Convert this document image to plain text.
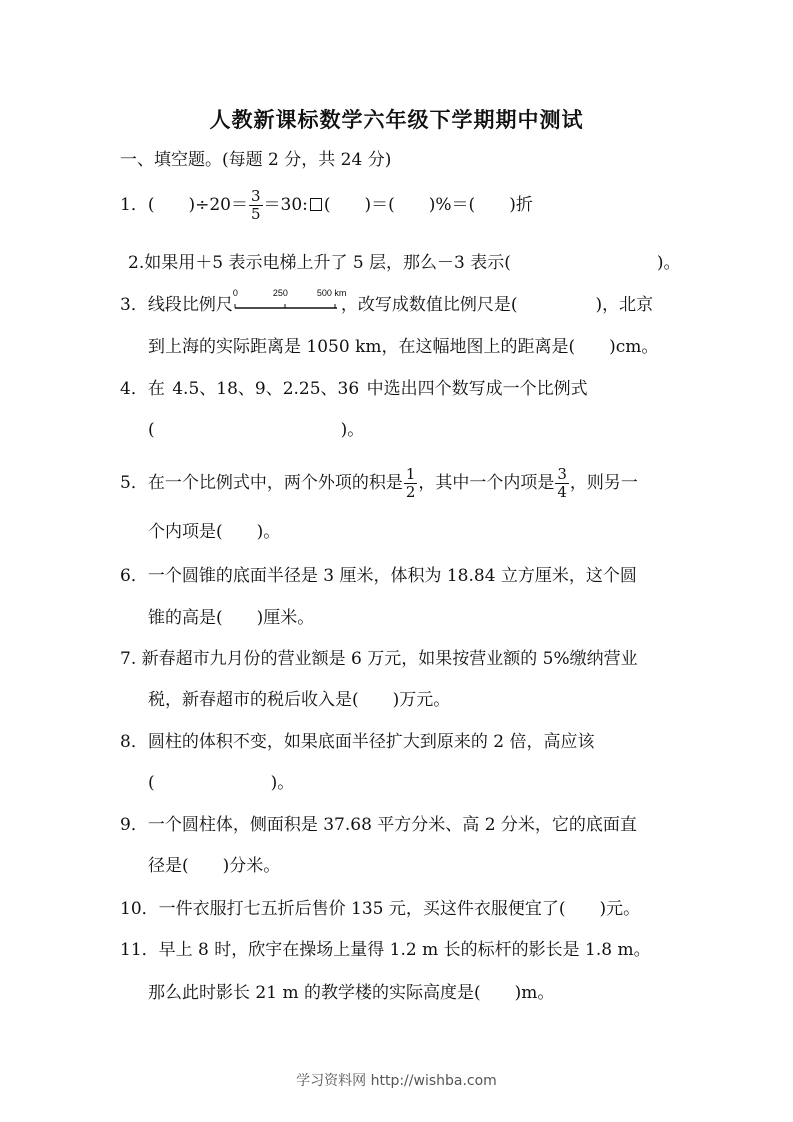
人教新课标数学六年级下学期期中测试
一、填空题。(每题 2 分，共 24 分)
1．(　　)$\div 20= \frac{3}{5} =30$: (　　)＝(　　)%＝(　　)折
2.如果用＋5 表示电梯上升了 5 层，那么－3 表示(	)。
3．线段比例尺
0	250	500 km
，改写成数值比例尺是(	)，北京
到上海的实际距离是 1050 km，在这幅地图上的距离是(　　)cm。
4．在 4.5、18、9、2.25、36 中选出四个数写成一个比例式
(	)。
5．在一个比例式中，两个外项的积是 $\frac{1}{2}$ ，其中一个内项是 $\frac{3}{4}$ ，则另一
个内项是(　　)。
6．一个圆锥的底面半径是 3 厘米，体积为 18.84 立方厘米，这个圆
锥的高是(　　)厘米。
7. 新春超市九月份的营业额是 6 万元，如果按营业额的 5%缴纳营业
税，新春超市的税后收入是(　　)万元。
8．圆柱的体积不变，如果底面半径扩大到原来的 2 倍，高应该
(	)。
9．一个圆柱体，侧面积是 37.68 平方分米、高 2 分米，它的底面直
径是(　　)分米。
10．一件衣服打七五折后售价 135 元，买这件衣服便宜了(　　)元。
11．早上 8 时，欣宇在操场上量得 1.2 m 长的标杆的影长是 1.8 m。
那么此时影长 21 m 的教学楼的实际高度是(　　)m。
学习资料网 http://wishba.com
